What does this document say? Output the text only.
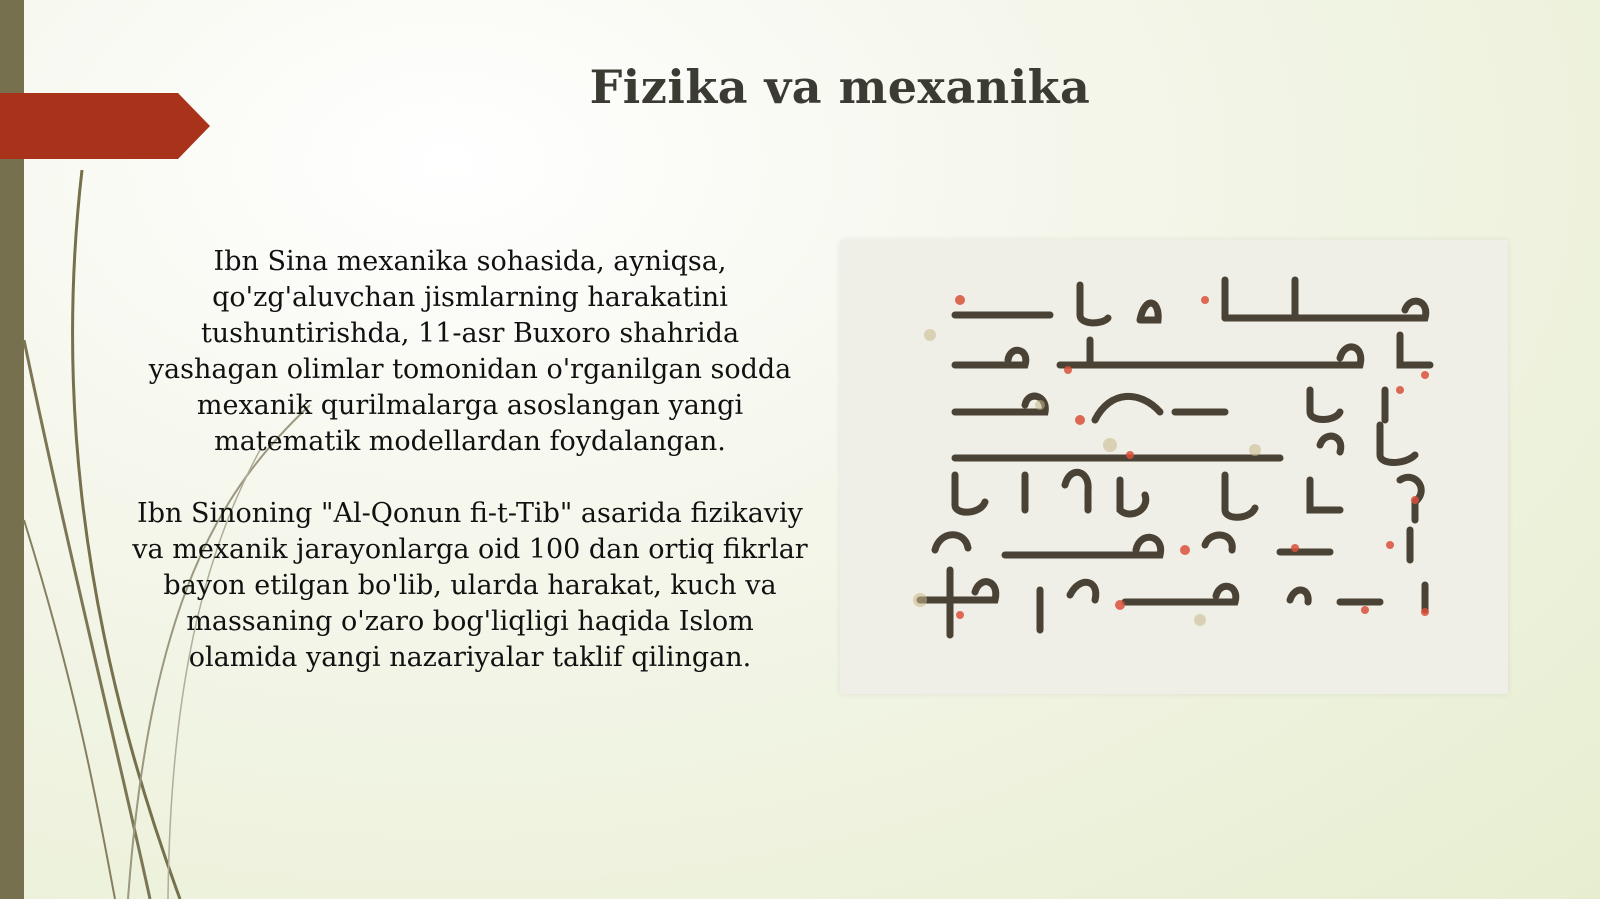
Fizika va mexanika

Ibn Sina mexanika sohasida, ayniqsa,
qo'zg'aluvchan jismlarning harakatini
tushuntirishda, 11-asr Buxoro shahrida
yashagan olimlar tomonidan o'rganilgan sodda
mexanik qurilmalarga asoslangan yangi
matematik modellardan foydalangan.

Ibn Sinoning "Al-Qonun fi-t-Tib" asarida fizikaviy
va mexanik jarayonlarga oid 100 dan ortiq fikrlar
bayon etilgan bo'lib, ularda harakat, kuch va
massaning o'zaro bog'liqligi haqida Islom
olamida yangi nazariyalar taklif qilingan.
